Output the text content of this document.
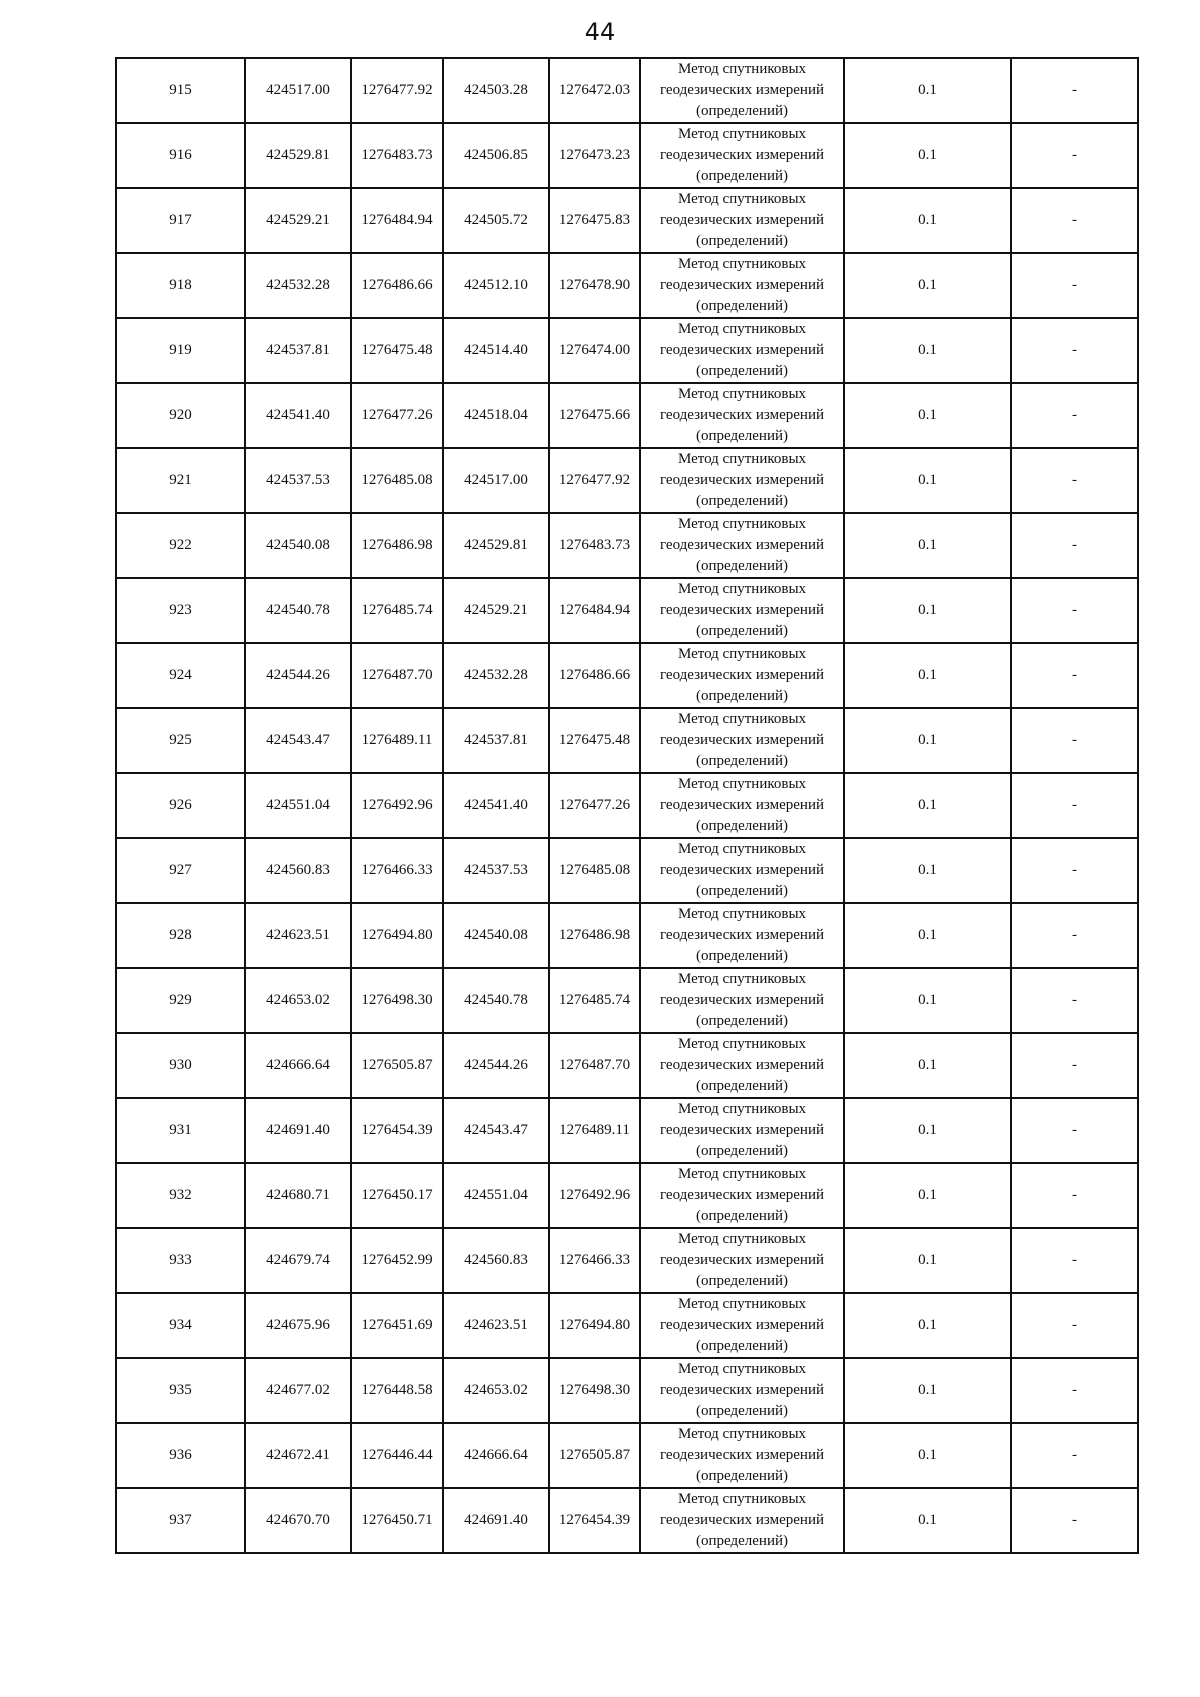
44
915	424517.00	1276477.92	424503.28	1276472.03	Метод спутниковых
геодезических измерений
(определений)	0.1	-
916	424529.81	1276483.73	424506.85	1276473.23	Метод спутниковых
геодезических измерений
(определений)	0.1	-
917	424529.21	1276484.94	424505.72	1276475.83	Метод спутниковых
геодезических измерений
(определений)	0.1	-
918	424532.28	1276486.66	424512.10	1276478.90	Метод спутниковых
геодезических измерений
(определений)	0.1	-
919	424537.81	1276475.48	424514.40	1276474.00	Метод спутниковых
геодезических измерений
(определений)	0.1	-
920	424541.40	1276477.26	424518.04	1276475.66	Метод спутниковых
геодезических измерений
(определений)	0.1	-
921	424537.53	1276485.08	424517.00	1276477.92	Метод спутниковых
геодезических измерений
(определений)	0.1	-
922	424540.08	1276486.98	424529.81	1276483.73	Метод спутниковых
геодезических измерений
(определений)	0.1	-
923	424540.78	1276485.74	424529.21	1276484.94	Метод спутниковых
геодезических измерений
(определений)	0.1	-
924	424544.26	1276487.70	424532.28	1276486.66	Метод спутниковых
геодезических измерений
(определений)	0.1	-
925	424543.47	1276489.11	424537.81	1276475.48	Метод спутниковых
геодезических измерений
(определений)	0.1	-
926	424551.04	1276492.96	424541.40	1276477.26	Метод спутниковых
геодезических измерений
(определений)	0.1	-
927	424560.83	1276466.33	424537.53	1276485.08	Метод спутниковых
геодезических измерений
(определений)	0.1	-
928	424623.51	1276494.80	424540.08	1276486.98	Метод спутниковых
геодезических измерений
(определений)	0.1	-
929	424653.02	1276498.30	424540.78	1276485.74	Метод спутниковых
геодезических измерений
(определений)	0.1	-
930	424666.64	1276505.87	424544.26	1276487.70	Метод спутниковых
геодезических измерений
(определений)	0.1	-
931	424691.40	1276454.39	424543.47	1276489.11	Метод спутниковых
геодезических измерений
(определений)	0.1	-
932	424680.71	1276450.17	424551.04	1276492.96	Метод спутниковых
геодезических измерений
(определений)	0.1	-
933	424679.74	1276452.99	424560.83	1276466.33	Метод спутниковых
геодезических измерений
(определений)	0.1	-
934	424675.96	1276451.69	424623.51	1276494.80	Метод спутниковых
геодезических измерений
(определений)	0.1	-
935	424677.02	1276448.58	424653.02	1276498.30	Метод спутниковых
геодезических измерений
(определений)	0.1	-
936	424672.41	1276446.44	424666.64	1276505.87	Метод спутниковых
геодезических измерений
(определений)	0.1	-
937	424670.70	1276450.71	424691.40	1276454.39	Метод спутниковых
геодезических измерений
(определений)	0.1	-
